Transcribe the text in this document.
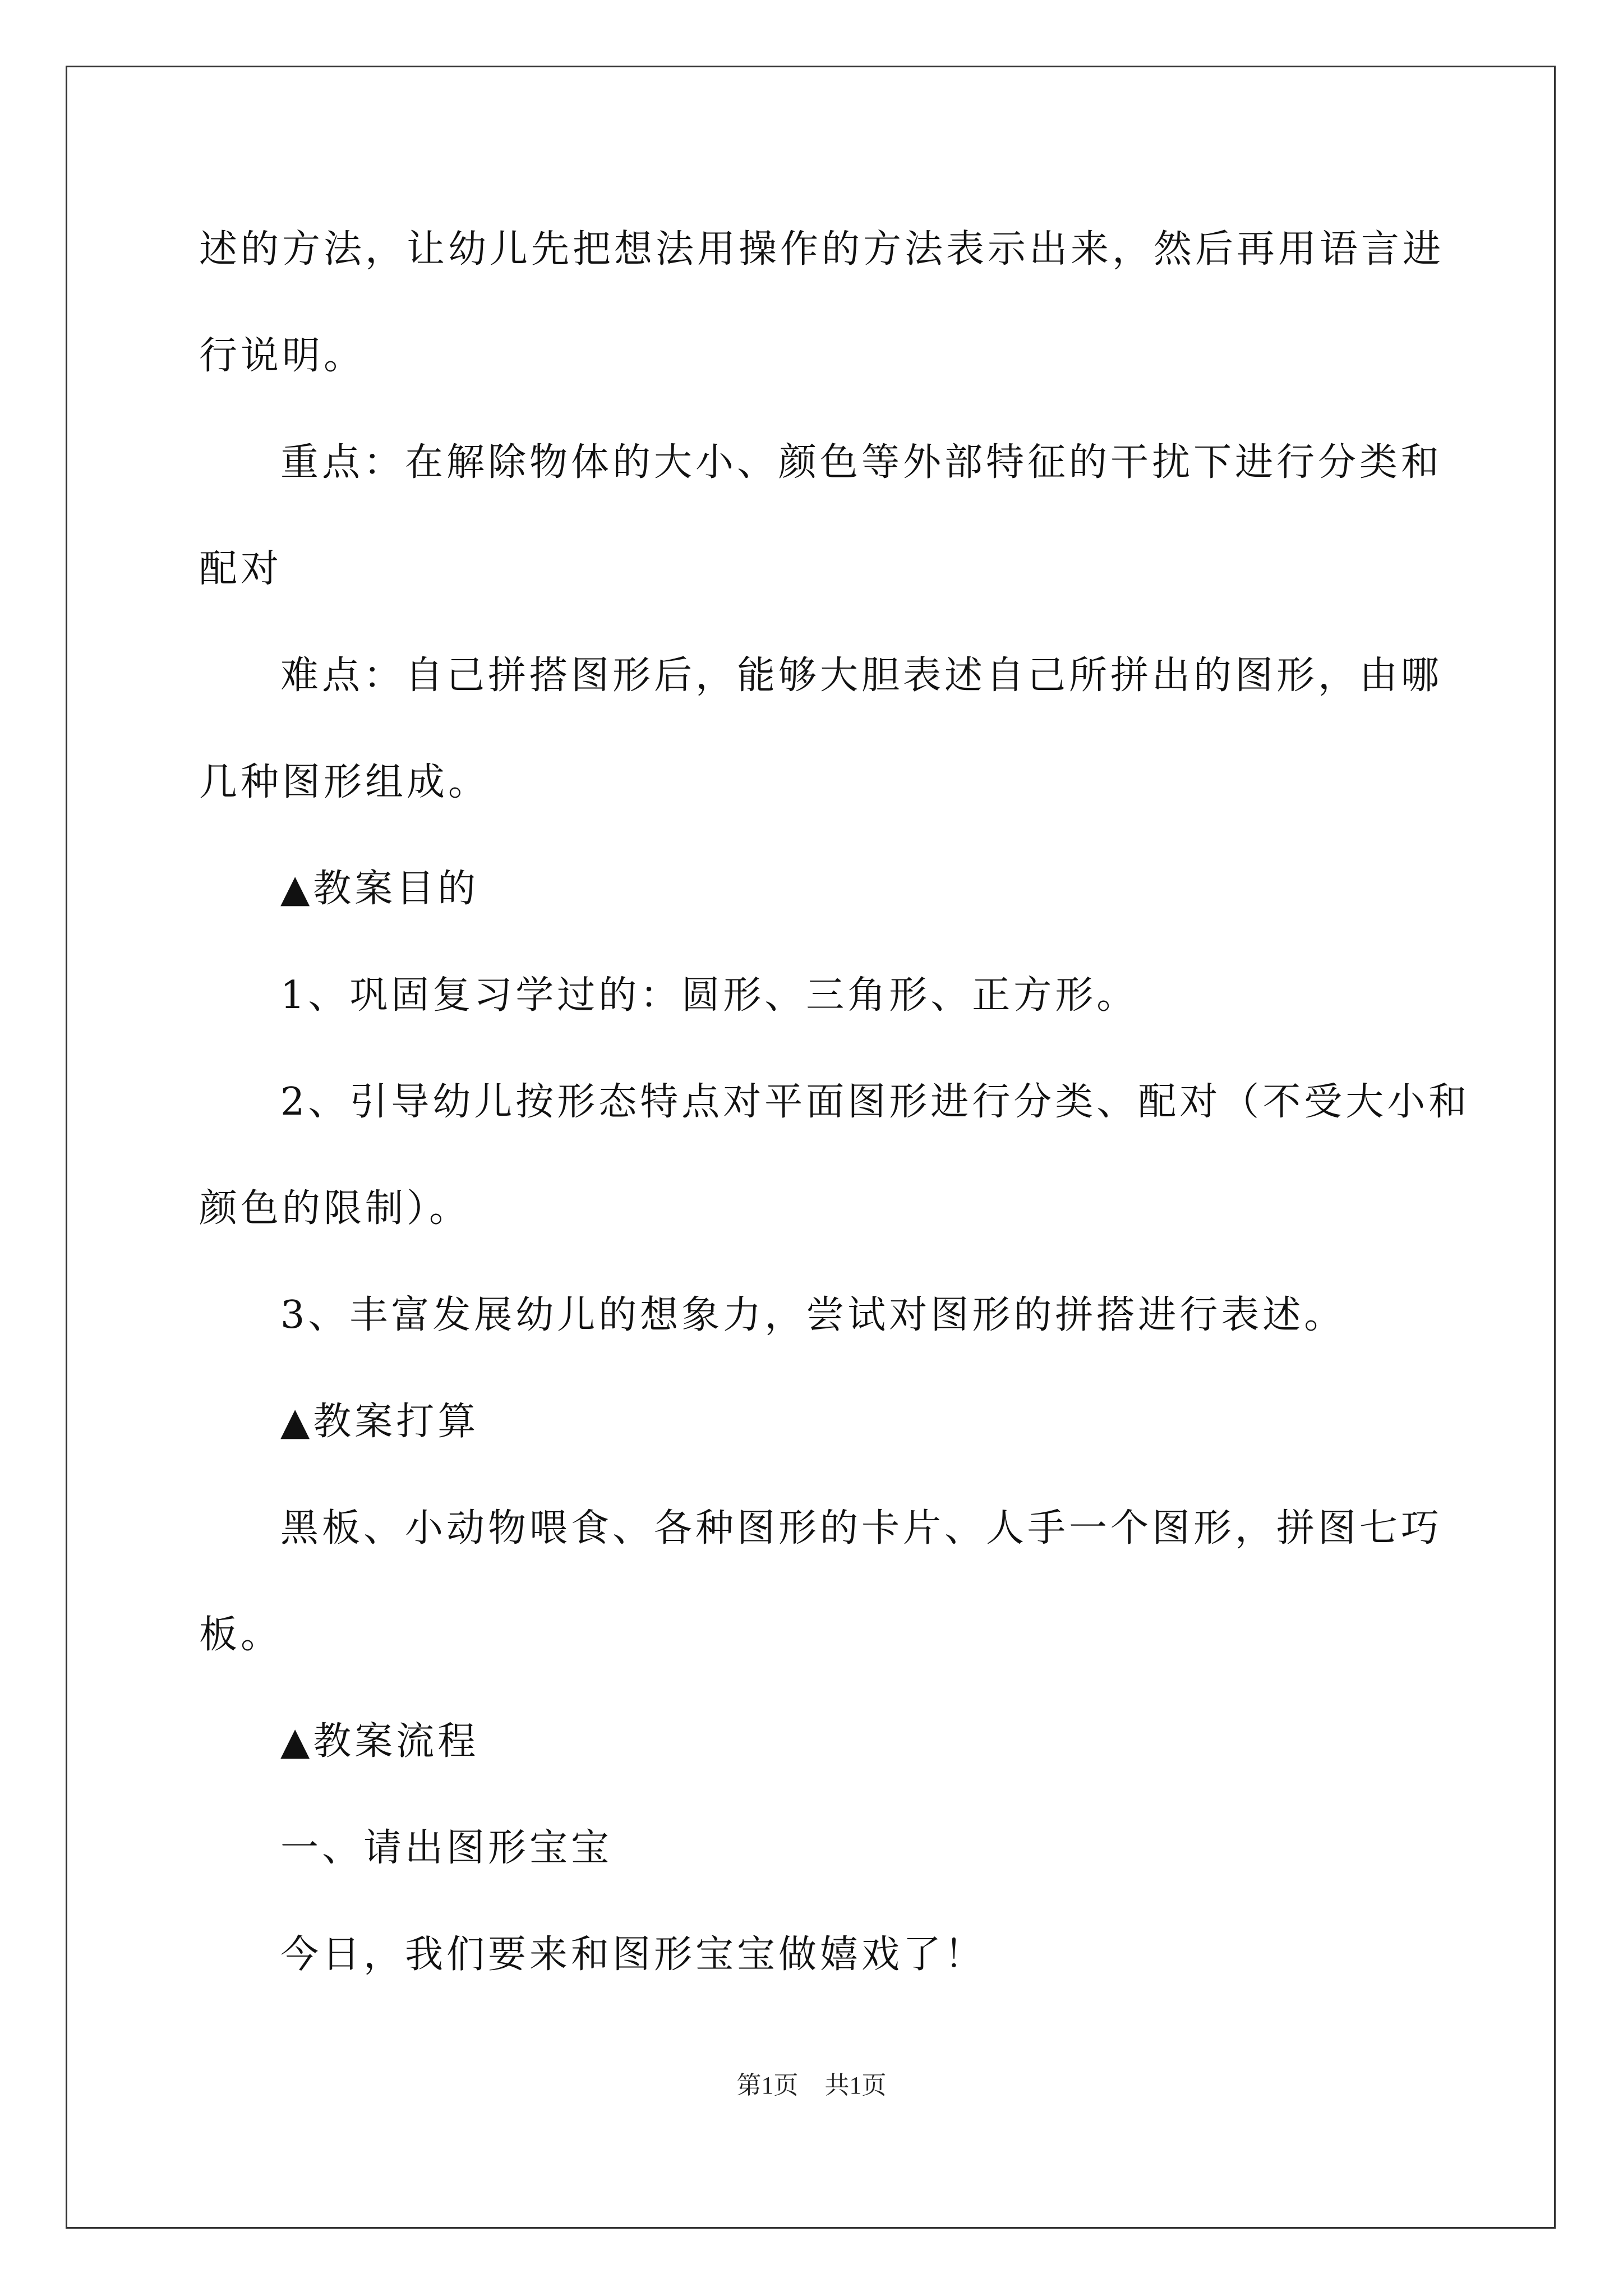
述的方法，让幼儿先把想法用操作的方法表示出来，然后再用语言进
行说明。
重点：在解除物体的大小、颜色等外部特征的干扰下进行分类和
配对
难点：自己拼搭图形后，能够大胆表述自己所拼出的图形，由哪
几种图形组成。
▲教案目的
1、巩固复习学过的：圆形、三角形、正方形。
2、引导幼儿按形态特点对平面图形进行分类、配对（不受大小和
颜色的限制）。
3、丰富发展幼儿的想象力，尝试对图形的拼搭进行表述。
▲教案打算
黑板、小动物喂食、各种图形的卡片、人手一个图形，拼图七巧
板。
▲教案流程
一、请出图形宝宝
今日，我们要来和图形宝宝做嬉戏了！
第1页 共1页
